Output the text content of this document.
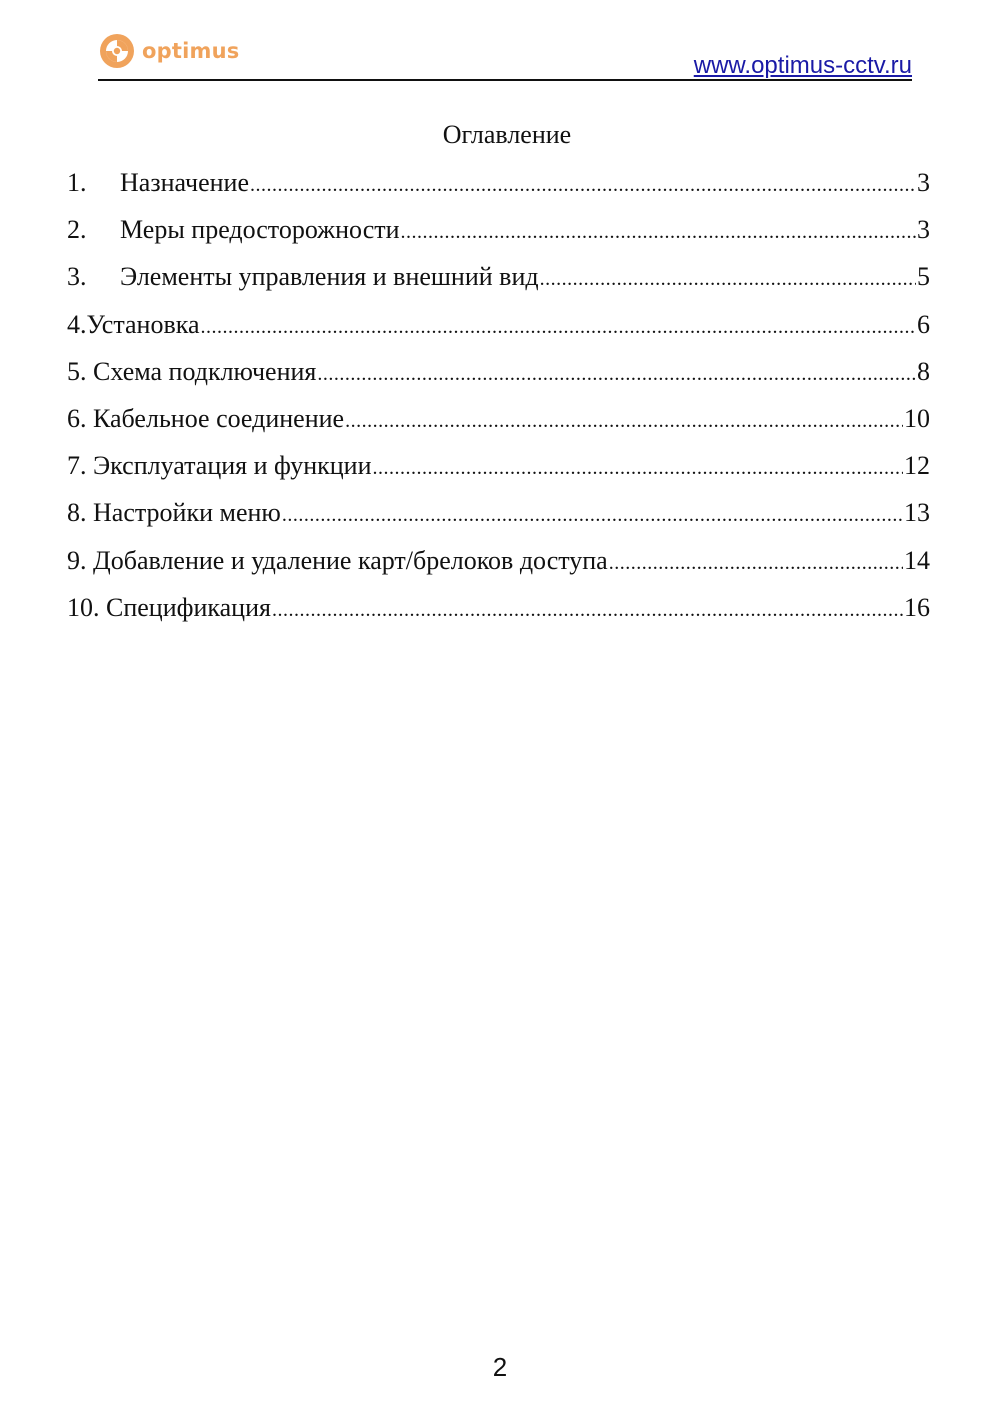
optimus
www.optimus-cctv.ru
Оглавление
1.	Назначение .....	3
2.	Меры предосторожности .....	3
3.	Элементы управления и внешний вид .....	5
4. Установка .....	6
5. Схема подключения .....	8
6. Кабельное соединение .....	10
7. Эксплуатация и функции .....	12
8. Настройки меню .....	13
9. Добавление и удаление карт/брелоков доступа .....	14
10. Спецификация .....	16
2
